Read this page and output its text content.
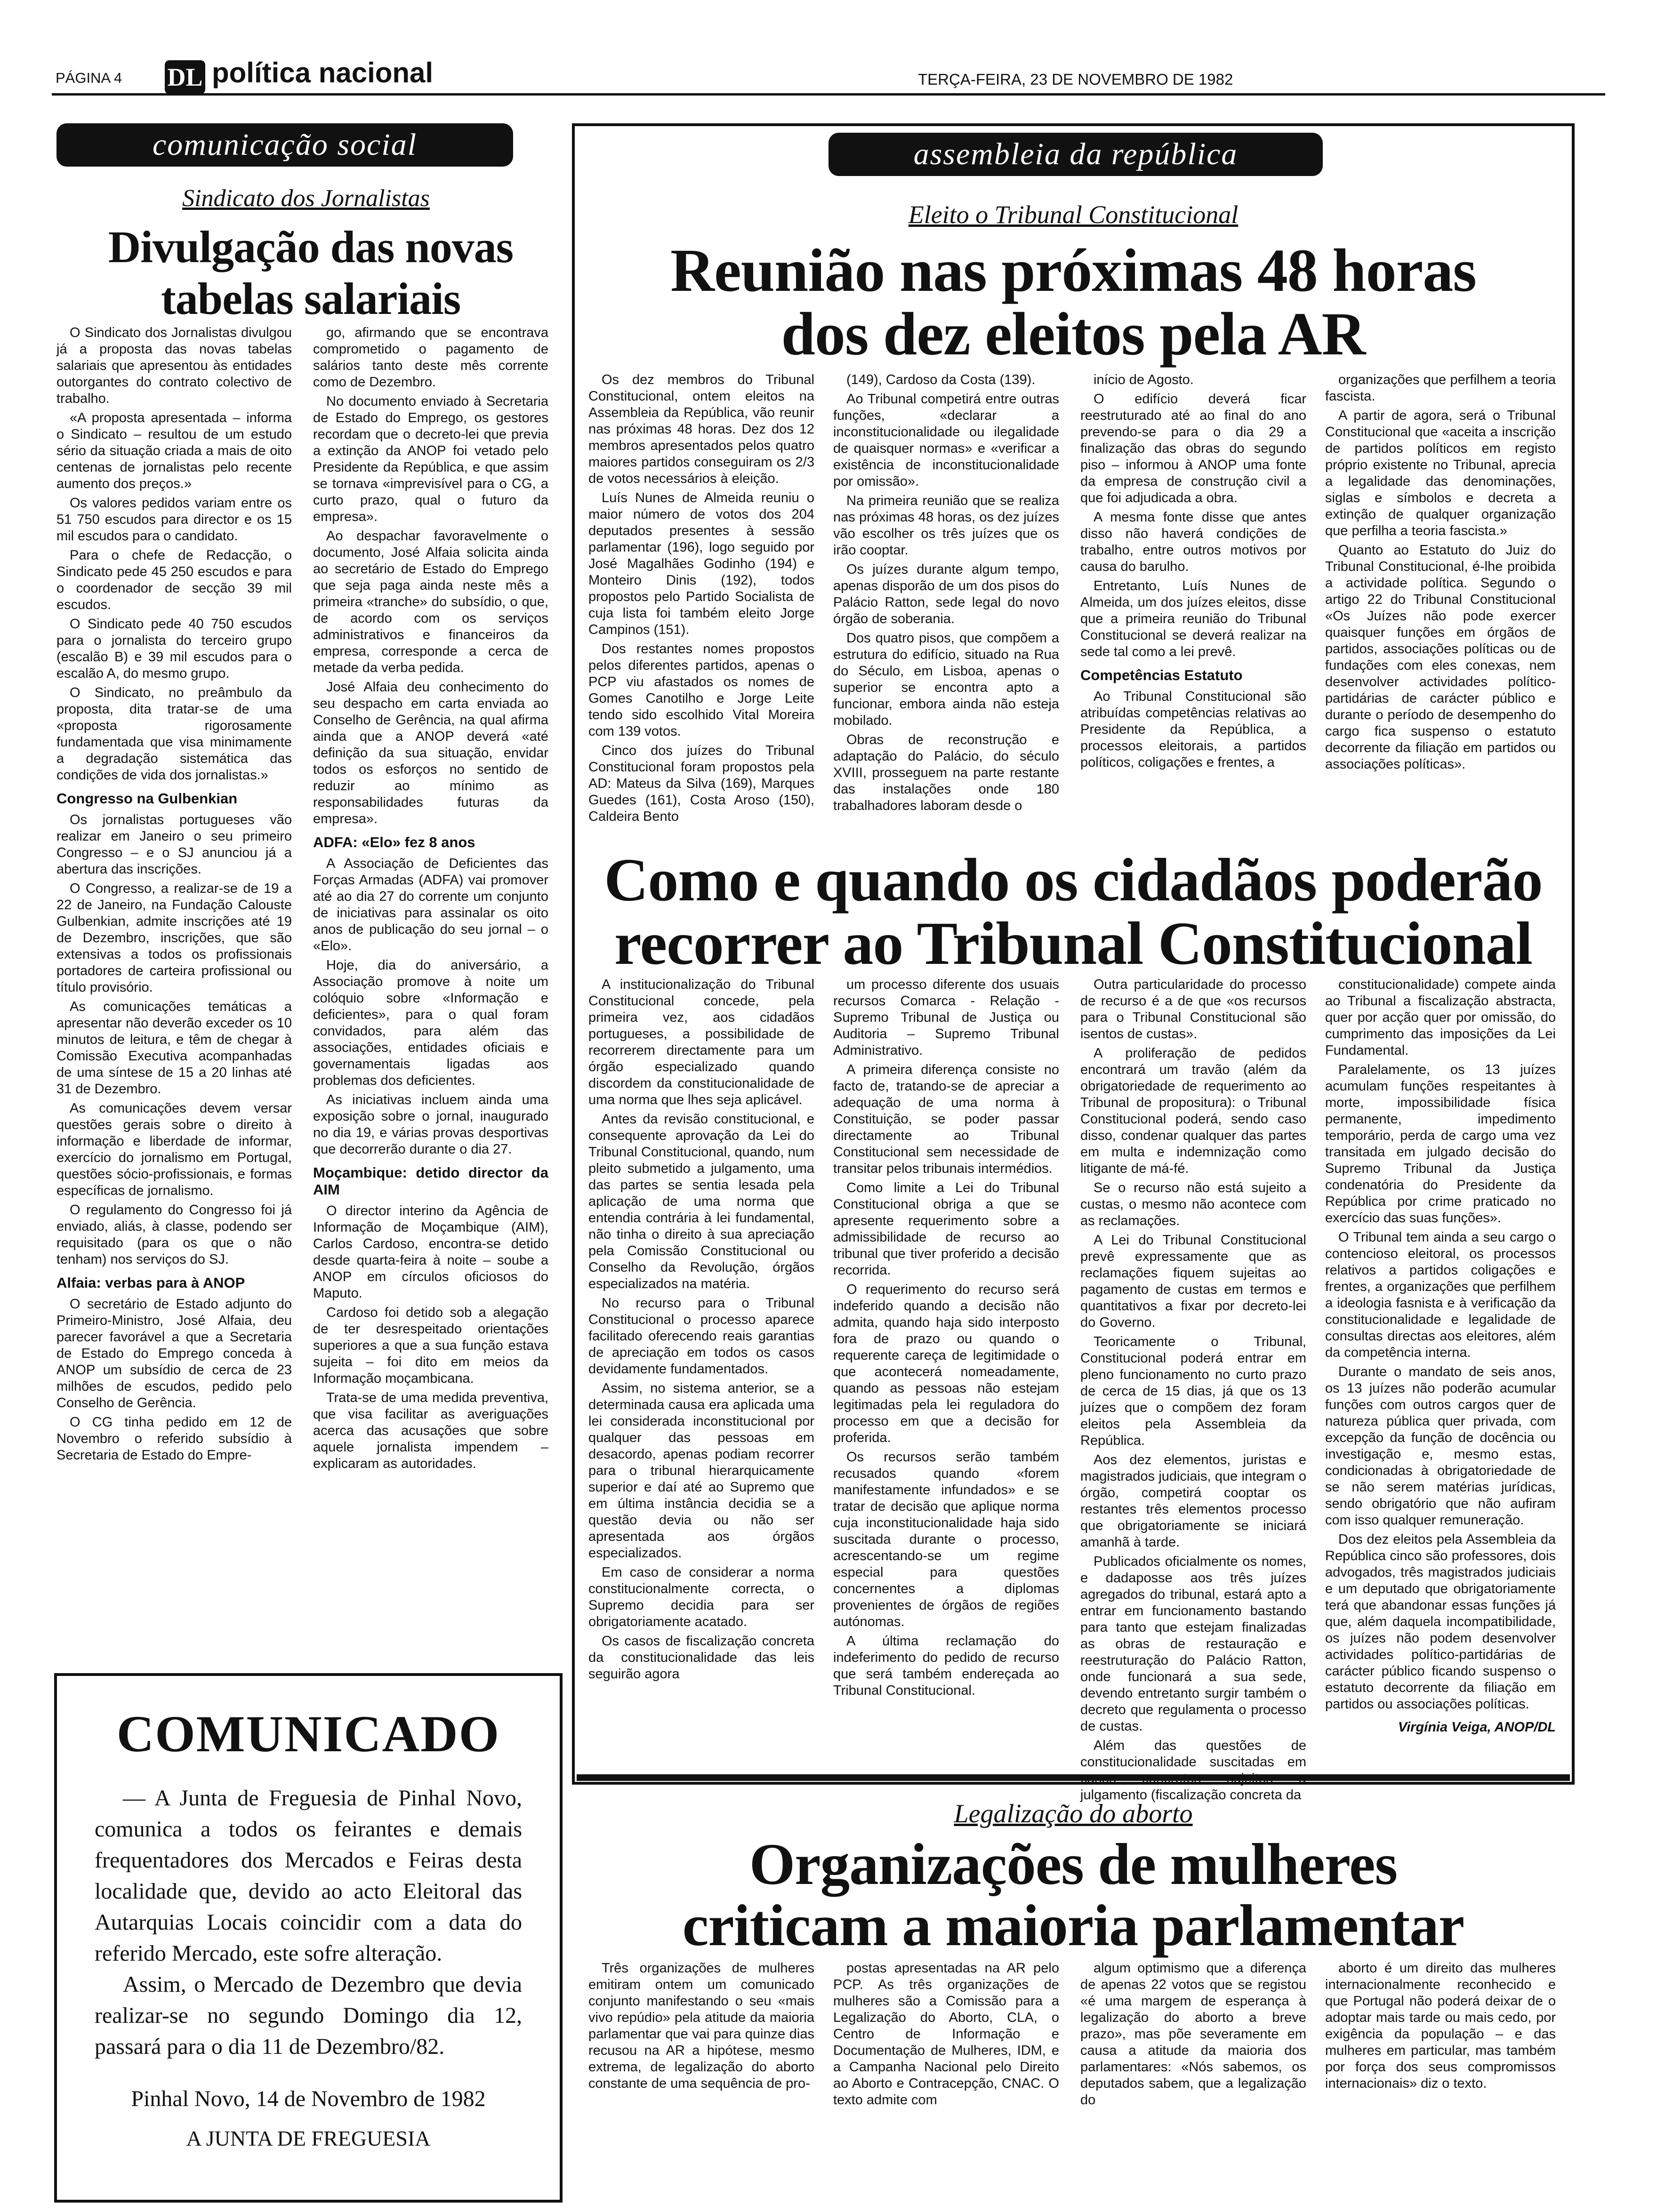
PÁGINA 4 DL política nacional	TERÇA-FEIRA, 23 DE NOVEMBRO DE 1982
comunicação social
Sindicato dos Jornalistas
Divulgação das novas tabelas salariais

O Sindicato dos Jornalistas divulgou já a proposta das novas tabelas salariais que apresentou às entidades outorgantes do contrato colectivo de trabalho.

«A proposta apresentada – informa o Sindicato – resultou de um estudo sério da situação criada a mais de oito centenas de jornalistas pelo recente aumento dos preços.»

Os valores pedidos variam entre os 51 750 escudos para director e os 15 mil escudos para o candidato.

Para o chefe de Redacção, o Sindicato pede 45 250 escudos e para o coordenador de secção 39 mil escudos.

O Sindicato pede 40 750 escudos para o jornalista do terceiro grupo (escalão B) e 39 mil escudos para o escalão A, do mesmo grupo.

O Sindicato, no preâmbulo da proposta, dita tratar-se de uma «proposta rigorosamente fundamentada que visa minimamente a degradação sistemática das condições de vida dos jornalistas.»

Congresso na Gulbenkian

Os jornalistas portugueses vão realizar em Janeiro o seu primeiro Congresso – e o SJ anunciou já a abertura das inscrições.

O Congresso, a realizar-se de 19 a 22 de Janeiro, na Fundação Calouste Gulbenkian, admite inscrições até 19 de Dezembro, inscrições, que são extensivas a todos os profissionais portadores de carteira profissional ou título provisório.

As comunicações temáticas a apresentar não deverão exceder os 10 minutos de leitura, e têm de chegar à Comissão Executiva acompanhadas de uma síntese de 15 a 20 linhas até 31 de Dezembro.

As comunicações devem versar questões gerais sobre o direito à informação e liberdade de informar, exercício do jornalismo em Portugal, questões sócio-profissionais, e formas específicas de jornalismo.

O regulamento do Congresso foi já enviado, aliás, à classe, podendo ser requisitado (para os que o não tenham) nos serviços do SJ.

Alfaia: verbas para à ANOP

O secretário de Estado adjunto do Primeiro-Ministro, José Alfaia, deu parecer favorável a que a Secretaria de Estado do Emprego conceda à ANOP um subsídio de cerca de 23 milhões de escudos, pedido pelo Conselho de Gerência.

O CG tinha pedido em 12 de Novembro o referido subsídio à Secretaria de Estado do Empre-

go, afirmando que se encontrava comprometido o pagamento de salários tanto deste mês corrente como de Dezembro.

No documento enviado à Secretaria de Estado do Emprego, os gestores recordam que o decreto-lei que previa a extinção da ANOP foi vetado pelo Presidente da República, e que assim se tornava «imprevisível para o CG, a curto prazo, qual o futuro da empresa».

Ao despachar favoravelmente o documento, José Alfaia solicita ainda ao secretário de Estado do Emprego que seja paga ainda neste mês a primeira «tranche» do subsídio, o que, de acordo com os serviços administrativos e financeiros da empresa, corresponde a cerca de metade da verba pedida.

José Alfaia deu conhecimento do seu despacho em carta enviada ao Conselho de Gerência, na qual afirma ainda que a ANOP deverá «até definição da sua situação, envidar todos os esforços no sentido de reduzir ao mínimo as responsabilidades futuras da empresa».

ADFA: «Elo» fez 8 anos

A Associação de Deficientes das Forças Armadas (ADFA) vai promover até ao dia 27 do corrente um conjunto de iniciativas para assinalar os oito anos de publicação do seu jornal – o «Elo».

Hoje, dia do aniversário, a Associação promove à noite um colóquio sobre «Informação e deficientes», para o qual foram convidados, para além das associações, entidades oficiais e governamentais ligadas aos problemas dos deficientes.

As iniciativas incluem ainda uma exposição sobre o jornal, inaugurado no dia 19, e várias provas desportivas que decorrerão durante o dia 27.

Moçambique: detido director da AIM

O director interino da Agência de Informação de Moçambique (AIM), Carlos Cardoso, encontra-se detido desde quarta-feira à noite – soube a ANOP em círculos oficiosos do Maputo.

Cardoso foi detido sob a alegação de ter desrespeitado orientações superiores a que a sua função estava sujeita – foi dito em meios da Informação moçambicana.

Trata-se de uma medida preventiva, que visa facilitar as averiguações acerca das acusações que sobre aquele jornalista impendem – explicaram as autoridades.

COMUNICADO
— A Junta de Freguesia de Pinhal Novo, comunica a todos os feirantes e demais frequentadores dos Mercados e Feiras desta localidade que, devido ao acto Eleitoral das Autarquias Locais coincidir com a data do referido Mercado, este sofre alteração.
Assim, o Mercado de Dezembro que devia realizar-se no segundo Domingo dia 12, passará para o dia 11 de Dezembro/82.
Pinhal Novo, 14 de Novembro de 1982
A JUNTA DE FREGUESIA
assembleia da república
Eleito o Tribunal Constitucional
Reunião nas próximas 48 horas
dos dez eleitos pela AR

Os dez membros do Tribunal Constitucional, ontem eleitos na Assembleia da República, vão reunir nas próximas 48 horas. Dez dos 12 membros apresentados pelos quatro maiores partidos conseguiram os 2/3 de votos necessários à eleição.

Luís Nunes de Almeida reuniu o maior número de votos dos 204 deputados presentes à sessão parlamentar (196), logo seguido por José Magalhães Godinho (194) e Monteiro Dinis (192), todos propostos pelo Partido Socialista de cuja lista foi também eleito Jorge Campinos (151).

Dos restantes nomes propostos pelos diferentes partidos, apenas o PCP viu afastados os nomes de Gomes Canotilho e Jorge Leite tendo sido escolhido Vital Moreira com 139 votos.

Cinco dos juízes do Tribunal Constitucional foram propostos pela AD: Mateus da Silva (169), Marques Guedes (161), Costa Aroso (150), Caldeira Bento

(149), Cardoso da Costa (139).

Ao Tribunal competirá entre outras funções, «declarar a inconstitucionalidade ou ilegalidade de quaisquer normas» e «verificar a existência de inconstitucionalidade por omissão».

Na primeira reunião que se realiza nas próximas 48 horas, os dez juízes vão escolher os três juízes que os irão cooptar.

Os juízes durante algum tempo, apenas disporão de um dos pisos do Palácio Ratton, sede legal do novo órgão de soberania.

Dos quatro pisos, que compõem a estrutura do edifício, situado na Rua do Século, em Lisboa, apenas o superior se encontra apto a funcionar, embora ainda não esteja mobilado.

Obras de reconstrução e adaptação do Palácio, do século XVIII, prosseguem na parte restante das instalações onde 180 trabalhadores laboram desde o

início de Agosto.

O edifício deverá ficar reestruturado até ao final do ano prevendo-se para o dia 29 a finalização das obras do segundo piso – informou à ANOP uma fonte da empresa de construção civil a que foi adjudicada a obra.

A mesma fonte disse que antes disso não haverá condições de trabalho, entre outros motivos por causa do barulho.

Entretanto, Luís Nunes de Almeida, um dos juízes eleitos, disse que a primeira reunião do Tribunal Constitucional se deverá realizar na sede tal como a lei prevê.

Competências Estatuto

Ao Tribunal Constitucional são atribuídas competências relativas ao Presidente da República, a processos eleitorais, a partidos políticos, coligações e frentes, a

organizações que perfilhem a teoria fascista.

A partir de agora, será o Tribunal Constitucional que «aceita a inscrição de partidos políticos em registo próprio existente no Tribunal, aprecia a legalidade das denominações, siglas e símbolos e decreta a extinção de qualquer organização que perfilha a teoria fascista.»

Quanto ao Estatuto do Juiz do Tribunal Constitucional, é-lhe proibida a actividade política. Segundo o artigo 22 do Tribunal Constitucional «Os Juízes não pode exercer quaisquer funções em órgãos de partidos, associações políticas ou de fundações com eles conexas, nem desenvolver actividades político-partidárias de carácter público e durante o período de desempenho do cargo fica suspenso o estatuto decorrente da filiação em partidos ou associações políticas».

Como e quando os cidadãos poderão
recorrer ao Tribunal Constitucional

A institucionalização do Tribunal Constitucional concede, pela primeira vez, aos cidadãos portugueses, a possibilidade de recorrerem directamente para um órgão especializado quando discordem da constitucionalidade de uma norma que lhes seja aplicável.

Antes da revisão constitucional, e consequente aprovação da Lei do Tribunal Constitucional, quando, num pleito submetido a julgamento, uma das partes se sentia lesada pela aplicação de uma norma que entendia contrária à lei fundamental, não tinha o direito à sua apreciação pela Comissão Constitucional ou Conselho da Revolução, órgãos especializados na matéria.

No recurso para o Tribunal Constitucional o processo aparece facilitado oferecendo reais garantias de apreciação em todos os casos devidamente fundamentados.

Assim, no sistema anterior, se a determinada causa era aplicada uma lei considerada inconstitucional por qualquer das pessoas em desacordo, apenas podiam recorrer para o tribunal hierarquicamente superior e daí até ao Supremo que em última instância decidia se a questão devia ou não ser apresentada aos órgãos especializados.

Em caso de considerar a norma constitucionalmente correcta, o Supremo decidia para ser obrigatoriamente acatado.

Os casos de fiscalização concreta da constitucionalidade das leis seguirão agora

um processo diferente dos usuais recursos Comarca - Relação - Supremo Tribunal de Justiça ou Auditoria – Supremo Tribunal Administrativo.

A primeira diferença consiste no facto de, tratando-se de apreciar a adequação de uma norma à Constituição, se poder passar directamente ao Tribunal Constitucional sem necessidade de transitar pelos tribunais intermédios.

Como limite a Lei do Tribunal Constitucional obriga a que se apresente requerimento sobre a admissibilidade de recurso ao tribunal que tiver proferido a decisão recorrida.

O requerimento do recurso será indeferido quando a decisão não admita, quando haja sido interposto fora de prazo ou quando o requerente careça de legitimidade o que acontecerá nomeadamente, quando as pessoas não estejam legitimadas pela lei reguladora do processo em que a decisão for proferida.

Os recursos serão também recusados quando «forem manifestamente infundados» e se tratar de decisão que aplique norma cuja inconstitucionalidade haja sido suscitada durante o processo, acrescentando-se um regime especial para questões concernentes a diplomas provenientes de órgãos de regiões autónomas.

A última reclamação do indeferimento do pedido de recurso que será também endereçada ao Tribunal Constitucional.

Outra particularidade do processo de recurso é a de que «os recursos para o Tribunal Constitucional são isentos de custas».

A proliferação de pedidos encontrará um travão (além da obrigatoriedade de requerimento ao Tribunal de propositura): o Tribunal Constitucional poderá, sendo caso disso, condenar qualquer das partes em multa e indemnização como litigante de má-fé.

Se o recurso não está sujeito a custas, o mesmo não acontece com as reclamações.

A Lei do Tribunal Constitucional prevê expressamente que as reclamações fiquem sujeitas ao pagamento de custas em termos e quantitativos a fixar por decreto-lei do Governo.

Teoricamente o Tribunal, Constitucional poderá entrar em pleno funcionamento no curto prazo de cerca de 15 dias, já que os 13 juízes que o compõem dez foram eleitos pela Assembleia da República.

Aos dez elementos, juristas e magistrados judiciais, que integram o órgão, competirá cooptar os restantes três elementos processo que obrigatoriamente se iniciará amanhã à tarde.

Publicados oficialmente os nomes, e dadaposse aos três juízes agregados do tribunal, estará apto a entrar em funcionamento bastando para tanto que estejam finalizadas as obras de restauração e reestruturação do Palácio Ratton, onde funcionará a sua sede, devendo entretanto surgir também o decreto que regulamenta o processo de custas.

Além das questões de constitucionalidade suscitadas em julgamento (fiscalização concreta da

constitucionalidade) compete ainda ao Tribunal a fiscalização abstracta, quer por acção quer por omissão, do cumprimento das imposições da Lei Fundamental.

Paralelamente, os 13 juízes acumulam funções respeitantes à morte, impossibilidade física permanente, impedimento temporário, perda de cargo uma vez transitada em julgado decisão do Supremo Tribunal da Justiça condenatória do Presidente da República por crime praticado no exercício das suas funções».

O Tribunal tem ainda a seu cargo o contencioso eleitoral, os processos relativos a partidos coligações e frentes, a organizações que perfilhem a ideologia fasnista e à verificação da constitucionalidade e legalidade de consultas directas aos eleitores, além da competência interna.

Durante o mandato de seis anos, os 13 juízes não poderão acumular funções com outros cargos quer de natureza pública quer privada, com excepção da função de docência ou investigação e, mesmo estas, condicionadas à obrigatoriedade de se não serem matérias jurídicas, sendo obrigatório que não aufiram com isso qualquer remuneração.

Dos dez eleitos pela Assembleia da República cinco são professores, dois advogados, três magistrados judiciais e um deputado que obrigatoriamente terá que abandonar essas funções já que, além daquela incompatibilidade, os juízes não podem desenvolver actividades político-partidárias de carácter público ficando suspenso o estatuto decorrente da filiação em partidos ou associações políticas.

Virgínia Veiga, ANOP/DL
Legalização do aborto
Organizações de mulheres
criticam a maioria parlamentar

Três organizações de mulheres emitiram ontem um comunicado conjunto manifestando o seu «mais vivo repúdio» pela atitude da maioria parlamentar que vai para quinze dias recusou na AR a hipótese, mesmo extrema, de legalização do aborto constante de uma sequência de pro-

postas apresentadas na AR pelo PCP. As três organizações de mulheres são a Comissão para a Legalização do Aborto, CLA, o Centro de Informação e Documentação de Mulheres, IDM, e a Campanha Nacional pelo Direito ao Aborto e Contracepção, CNAC. O texto admite com

algum optimismo que a diferença de apenas 22 votos que se registou «é uma margem de esperança à legalização do aborto a breve prazo», mas põe severamente em causa a atitude da maioria dos parlamentares: «Nós sabemos, os deputados sabem, que a legalização do

aborto é um direito das mulheres internacionalmente reconhecido e que Portugal não poderá deixar de o adoptar mais tarde ou mais cedo, por exigência da população – e das mulheres em particular, mas também por força dos seus compromissos internacionais» diz o texto.
